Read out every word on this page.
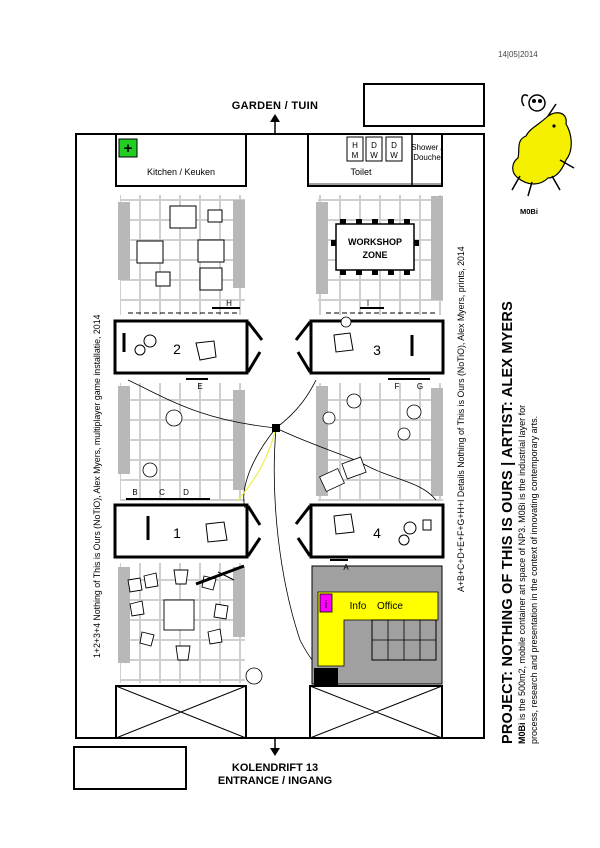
14|05|2014
GARDEN / TUIN
KOLENDRIFT 13
ENTRANCE / INGANG
+
Kitchen / Keuken
H
M
D
W
D
W
Toilet
Shower /
Douche
WORKSHOP
ZONE
2	3
1	4
i Info Office
H	I
E	F G
B	C D
A
M0Bi
1+2+3+4 Nothing of This is Ours (NoTiO), Alex Myers, multiplayer game installatie, 2014	A+B+C+D+E+F+G+H+I Details Nothing of This is Ours (NoTiO), Alex Myers, prints, 2014 PROJECT: NOTHING OF THIS IS OURS | ARTIST: ALEX MYERS M0Bi is the 500m2, mobile container art space of NP3. M0Bi is the industrial layer for process, research and presentation in the context of innovating contemporary arts.
